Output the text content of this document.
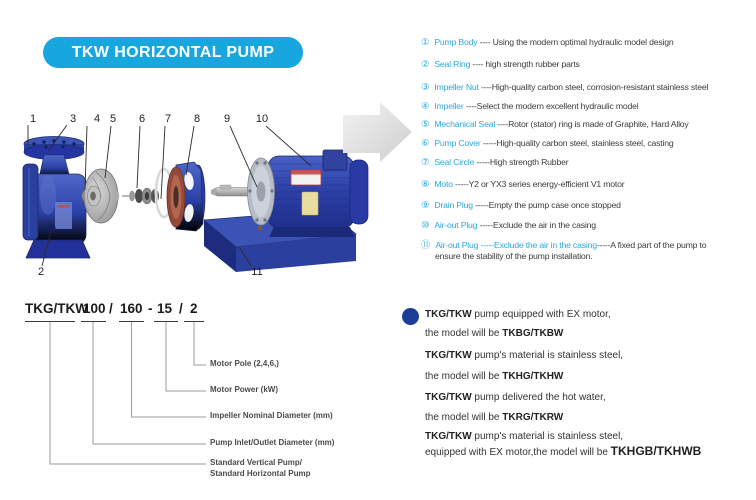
TKW HORIZONTAL PUMP
1	3 4 5 6 7 8 9 10
2	11
① Pump Body ---- Using the modern optimal hydraulic model design
② Seal Ring ---- high strength rubber parts
③ Impeller Nut ----High-quality carbon steel, corrosion-resistant stainless steel
④ Impeller ----Select the modern excellent hydraulic model
⑤ Mechanical Seal ----Rotor (stator) ring is made of Graphite, Hard Alloy
⑥ Pump Cover -----High-quality carbon steel, stainless steel, casting
⑦ Seal Circle -----High strength Rubber
⑧ Moto -----Y2 or YX3 series energy-efficient V1 motor
⑨ Drain Plug -----Empty the pump case once stopped
⑩ Air-out Plug -----Exclude the air in the casing
⑪ Air-out Plug -----Exclude the air in the casing-----A fixed part of the pump to
ensure the stability of the pump installation.
TKG/TKW
100 / 160 - 15 / 2
Motor Pole (2,4,6,)
Motor Power (kW)
Impeller Nominal Diameter (mm)
Pump Inlet/Outlet Diameter (mm)
Standard Vertical Pump/
Standard Horizontal Pump
TKG/TKW pump equipped with EX motor,
the model will be TKBG/TKBW
TKG/TKW pump's material is stainless steel,
the model will be TKHG/TKHW
TKG/TKW pump delivered the hot water,
the model will be TKRG/TKRW
TKG/TKW pump's material is stainless steel,
equipped with EX motor,the model will be TKHGB/TKHWB
